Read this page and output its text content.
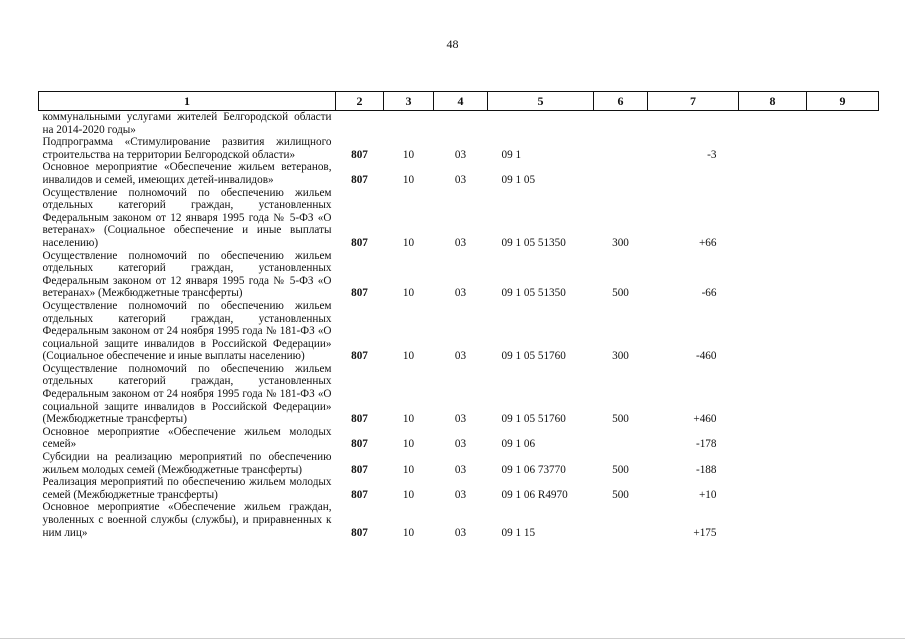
48
1	2	3	4	5	6	7	8	9
коммунальными услугами жителей Белгородской области на 2014-2020 годы»								
Подпрограмма «Стимулирование развития жилищного строительства на территории Белгородской области»	807	10	03	09 1		-3		
Основное мероприятие «Обеспечение жильем ветеранов, инвалидов и семей, имеющих детей-инвалидов»	807	10	03	09 1 05				
Осуществление полномочий по обеспечению жильем отдельных категорий граждан, установленных Федеральным законом от 12 января 1995 года № 5-ФЗ «О ветеранах» (Социальное обеспечение и иные выплаты населению)	807	10	03	09 1 05 51350	300	+66		
Осуществление полномочий по обеспечению жильем отдельных категорий граждан, установленных Федеральным законом от 12 января 1995 года № 5-ФЗ «О ветеранах» (Межбюджетные трансферты)	807	10	03	09 1 05 51350	500	-66		
Осуществление полномочий по обеспечению жильем отдельных категорий граждан, установленных Федеральным законом от 24 ноября 1995 года № 181-ФЗ «О социальной защите инвалидов в Российской Федерации» (Социальное обеспечение и иные выплаты населению)	807	10	03	09 1 05 51760	300	-460		
Осуществление полномочий по обеспечению жильем отдельных категорий граждан, установленных Федеральным законом от 24 ноября 1995 года № 181-ФЗ «О социальной защите инвалидов в Российской Федерации» (Межбюджетные трансферты)	807	10	03	09 1 05 51760	500	+460		
Основное мероприятие «Обеспечение жильем молодых семей»	807	10	03	09 1 06		-178		
Субсидии на реализацию мероприятий по обеспечению жильем молодых семей (Межбюджетные трансферты)	807	10	03	09 1 06 73770	500	-188		
Реализация мероприятий по обеспечению жильем молодых семей (Межбюджетные трансферты)	807	10	03	09 1 06 R4970	500	+10		
Основное мероприятие «Обеспечение жильем граждан, уволенных с военной службы (службы), и приравненных к ним лиц»	807	10	03	09 1 15		+175		
